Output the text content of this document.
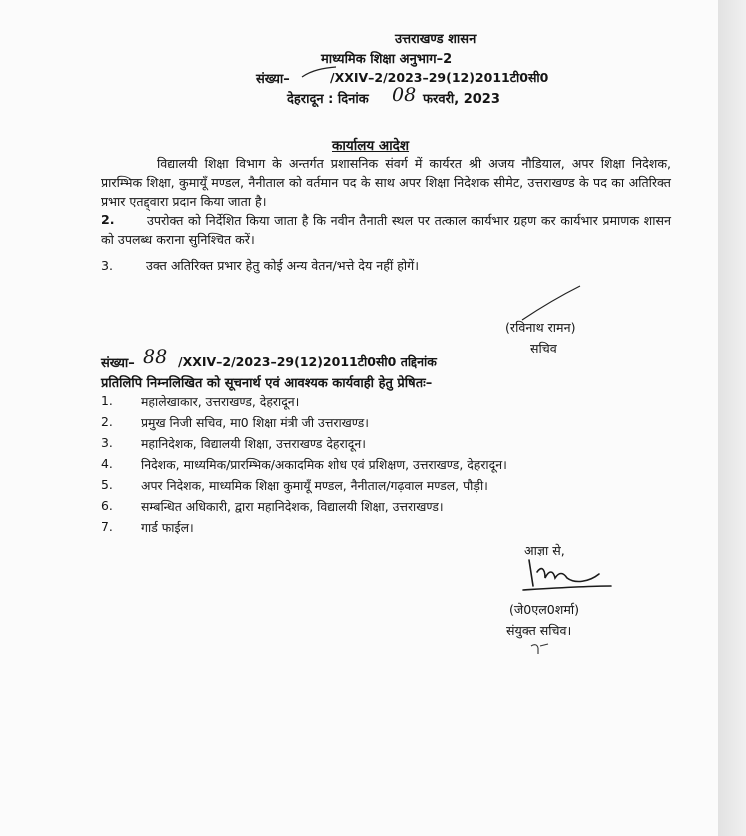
उत्तराखण्ड शासन
माध्यमिक शिक्षा अनुभाग–2
संख्या–	/XXIV–2/2023–29(12)2011टी0सी0
देहरादून : दिनांक 08 फरवरी, 2023
कार्यालय आदेश
विद्यालयी शिक्षा विभाग के अन्तर्गत प्रशासनिक संवर्ग में कार्यरत श्री अजय नौडियाल, अपर शिक्षा निदेशक, प्रारम्भिक शिक्षा, कुमायूँ मण्डल, नैनीताल को वर्तमान पद के साथ अपर शिक्षा निदेशक सीमेट, उत्तराखण्ड के पद का अतिरिक्त प्रभार एतद्द्वारा प्रदान किया जाता है।
2.	उपरोक्त को निर्देशित किया जाता है कि नवीन तैनाती स्थल पर तत्काल कार्यभार ग्रहण कर कार्यभार प्रमाणक शासन को उपलब्ध कराना सुनिश्चित करें।
3.	उक्त अतिरिक्त प्रभार हेतु कोई अन्य वेतन/भत्ते देय नहीं होगें।
(रविनाथ रामन)
सचिव
संख्या– 88 /XXIV–2/2023–29(12)2011टी0सी0 तद्दिनांक
प्रतिलिपि निम्नलिखित को सूचनार्थ एवं आवश्यक कार्यवाही हेतु प्रेषितः–
1. महालेखाकार, उत्तराखण्ड, देहरादून।
2. प्रमुख निजी सचिव, मा0 शिक्षा मंत्री जी उत्तराखण्ड।
3. महानिदेशक, विद्यालयी शिक्षा, उत्तराखण्ड देहरादून।
4. निदेशक, माध्यमिक/प्रारम्भिक/अकादमिक शोध एवं प्रशिक्षण, उत्तराखण्ड, देहरादून।
5. अपर निदेशक, माध्यमिक शिक्षा कुमायूँ मण्डल, नैनीताल/गढ़वाल मण्डल, पौड़ी।
6. सम्बन्धित अधिकारी, द्वारा महानिदेशक, विद्यालयी शिक्षा, उत्तराखण्ड।
7. गार्ड फाईल।
आज्ञा से,
(जे0एल0शर्मा)
संयुक्त सचिव।
